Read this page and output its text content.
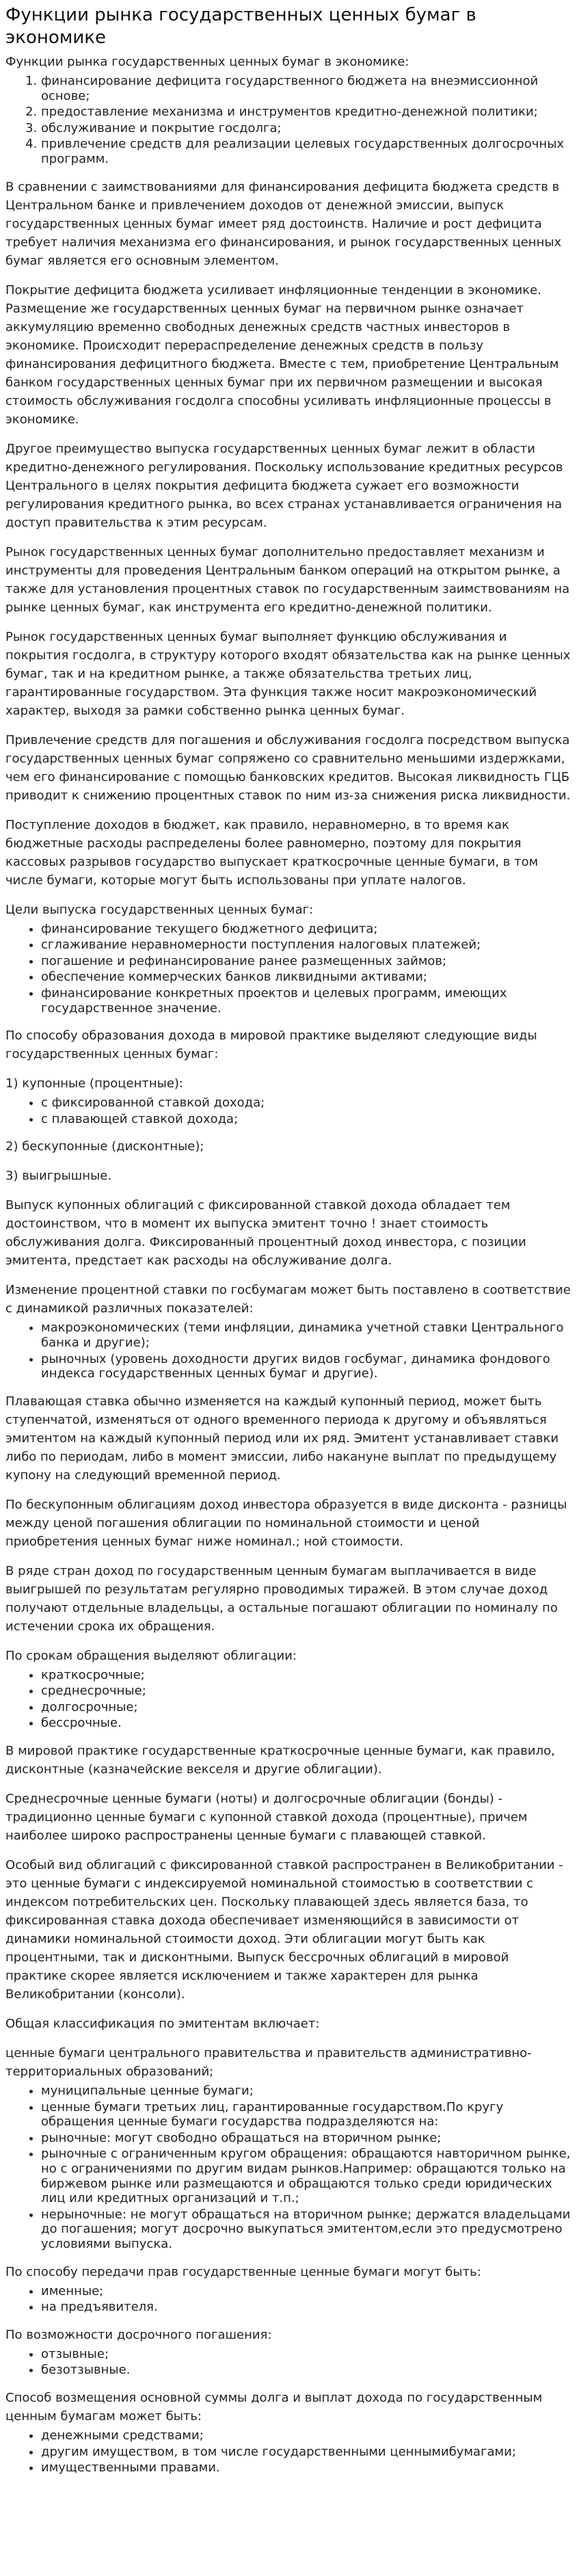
Функции рынка государственных ценных бумаг в экономике

Функции рынка государственных ценных бумаг в экономике:

1. финансирование дефицита государственного бюджета на внеэмиссионной основе;
2. предоставление механизма и инструментов кредитно-денежной политики;
3. обслуживание и покрытие госдолга;
4. привлечение средств для реализации целевых государственных долгосрочных программ.

В сравнении с заимствованиями для финансирования дефицита бюджета средств в Центральном банке и привлечением доходов от денежной эмиссии, выпуск государственных ценных бумаг имеет ряд достоинств. Наличие и рост дефицита требует наличия механизма его финансирования, и рынок государственных ценных бумаг является его основным элементом.

Покрытие дефицита бюджета усиливает инфляционные тенденции в экономике. Размещение же государственных ценных бумаг на первичном рынке означает аккумуляцию временно свободных денежных средств частных инвесторов в экономике. Происходит перераспределение денежных средств в пользу финансирования дефицитного бюджета. Вместе с тем, приобретение Центральным банком государственных ценных бумаг при их первичном размещении и высокая стоимость обслуживания госдолга способны усиливать инфляционные процессы в экономике.

Другое преимущество выпуска государственных ценных бумаг лежит в области кредитно-денежного регулирования. Поскольку использование кредитных ресурсов Центрального в целях покрытия дефицита бюджета сужает его возможности регулирования кредитного рынка, во всех странах устанавливается ограничения на доступ правительства к этим ресурсам.

Рынок государственных ценных бумаг дополнительно предоставляет механизм и инструменты для проведения Центральным банком операций на открытом рынке, а также для установления процентных ставок по государственным заимствованиям на рынке ценных бумаг, как инструмента его кредитно-денежной политики.

Рынок государственных ценных бумаг выполняет функцию обслуживания и покрытия госдолга, в структуру которого входят обязательства как на рынке ценных бумаг, так и на кредитном рынке, а также обязательства третьих лиц, гарантированные государством. Эта функция также носит макроэкономический характер, выходя за рамки собственно рынка ценных бумаг.

Привлечение средств для погашения и обслуживания госдолга посредством выпуска государственных ценных бумаг сопряжено со сравнительно меньшими издержками, чем его финансирование с помощью банковских кредитов. Высокая ликвидность ГЦБ приводит к снижению процентных ставок по ним из-за снижения риска ликвидности.

Поступление доходов в бюджет, как правило, неравномерно, в то время как бюджетные расходы распределены более равномерно, поэтому для покрытия кассовых разрывов государство выпускает краткосрочные ценные бумаги, в том числе бумаги, которые могут быть использованы при уплате налогов.

Цели выпуска государственных ценных бумаг:

• финансирование текущего бюджетного дефицита;
• сглаживание неравномерности поступления налоговых платежей;
• погашение и рефинансирование ранее размещенных займов;
• обеспечение коммерческих банков ликвидными активами;
• финансирование конкретных проектов и целевых программ, имеющих государственное значение.

По способу образования дохода в мировой практике выделяют следующие виды государственных ценных бумаг:

1) купонные (процентные):

• с фиксированной ставкой дохода;
• с плавающей ставкой дохода;

2) бескупонные (дисконтные);

3) выигрышные.

Выпуск купонных облигаций с фиксированной ставкой дохода обладает тем достоинством, что в момент их выпуска эмитент точно ! знает стоимость обслуживания долга. Фиксированный процентный доход инвестора, с позиции эмитента, предстает как расходы на обслуживание долга.

Изменение процентной ставки по госбумагам может быть поставлено в соответствие с динамикой различных показателей:

• макроэкономических (теми инфляции, динамика учетной ставки Центрального банка и другие);
• рыночных (уровень доходности других видов госбумаг, динамика фондового индекса государственных ценных бумаг и другие).

Плавающая ставка обычно изменяется на каждый купонный период, может быть ступенчатой, изменяться от одного временного периода к другому и объявляться эмитентом на каждый купонный период или их ряд. Эмитент устанавливает ставки либо по периодам, либо в момент эмиссии, либо накануне выплат по предыдущему купону на следующий временной период.

По бескупонным облигациям доход инвестора образуется в виде дисконта - разницы между ценой погашения облигации по номинальной стоимости и ценой приобретения ценных бумаг ниже номинал.; ной стоимости.

В ряде стран доход по государственным ценным бумагам выплачивается в виде выигрышей по результатам регулярно проводимых тиражей. В этом случае доход получают отдельные владельцы, а остальные погашают облигации по номиналу по истечении срока их обращения.

По срокам обращения выделяют облигации:

• краткосрочные;
• среднесрочные;
• долгосрочные;
• бессрочные.

В мировой практике государственные краткосрочные ценные бумаги, как правило, дисконтные (казначейские векселя и другие облигации).

Среднесрочные ценные бумаги (ноты) и долгосрочные облигации (бонды) - традиционно ценные бумаги с купонной ставкой дохода (процентные), причем наиболее широко распространены ценные бумаги с плавающей ставкой.

Особый вид облигаций с фиксированной ставкой распространен в Великобритании - это ценные бумаги с индексируемой номинальной стоимостью в соответствии с индексом потребительских цен. Поскольку плавающей здесь является база, то фиксированная ставка дохода обеспечивает изменяющийся в зависимости от динамики номинальной стоимости доход. Эти облигации могут быть как процентными, так и дисконтными. Выпуск бессрочных облигаций в мировой практике скорее является исключением и также характерен для рынка Великобритании (консоли).

Общая классификация по эмитентам включает:

ценные бумаги центрального правительства и правительств административно-территориальных образований;

• муниципальные ценные бумаги;
• ценные бумаги третьих лиц, гарантированные государством.По кругу обращения ценные бумаги государства подразделяются на:
• рыночные: могут свободно обращаться на вторичном рынке;
• рыночные с ограниченным кругом обращения: обращаются навторичном рынке, но с ограничениями по другим видам рынков.Например: обращаются только на биржевом рынке или размещаются и обращаются только среди юридических лиц или кредитных организаций и т.п.;
• нерыночные: не могут обращаться на вторичном рынке; держатся владельцами до погашения; могут досрочно выкупаться эмитентом,если это предусмотрено условиями выпуска.

По способу передачи прав государственные ценные бумаги могут быть:

• именные;
• на предъявителя.

По возможности досрочного погашения:

• отзывные;
• безотзывные.

Способ возмещения основной суммы долга и выплат дохода по государственным ценным бумагам может быть:

• денежными средствами;
• другим имуществом, в том числе государственными ценнымибумагами;
• имущественными правами.
